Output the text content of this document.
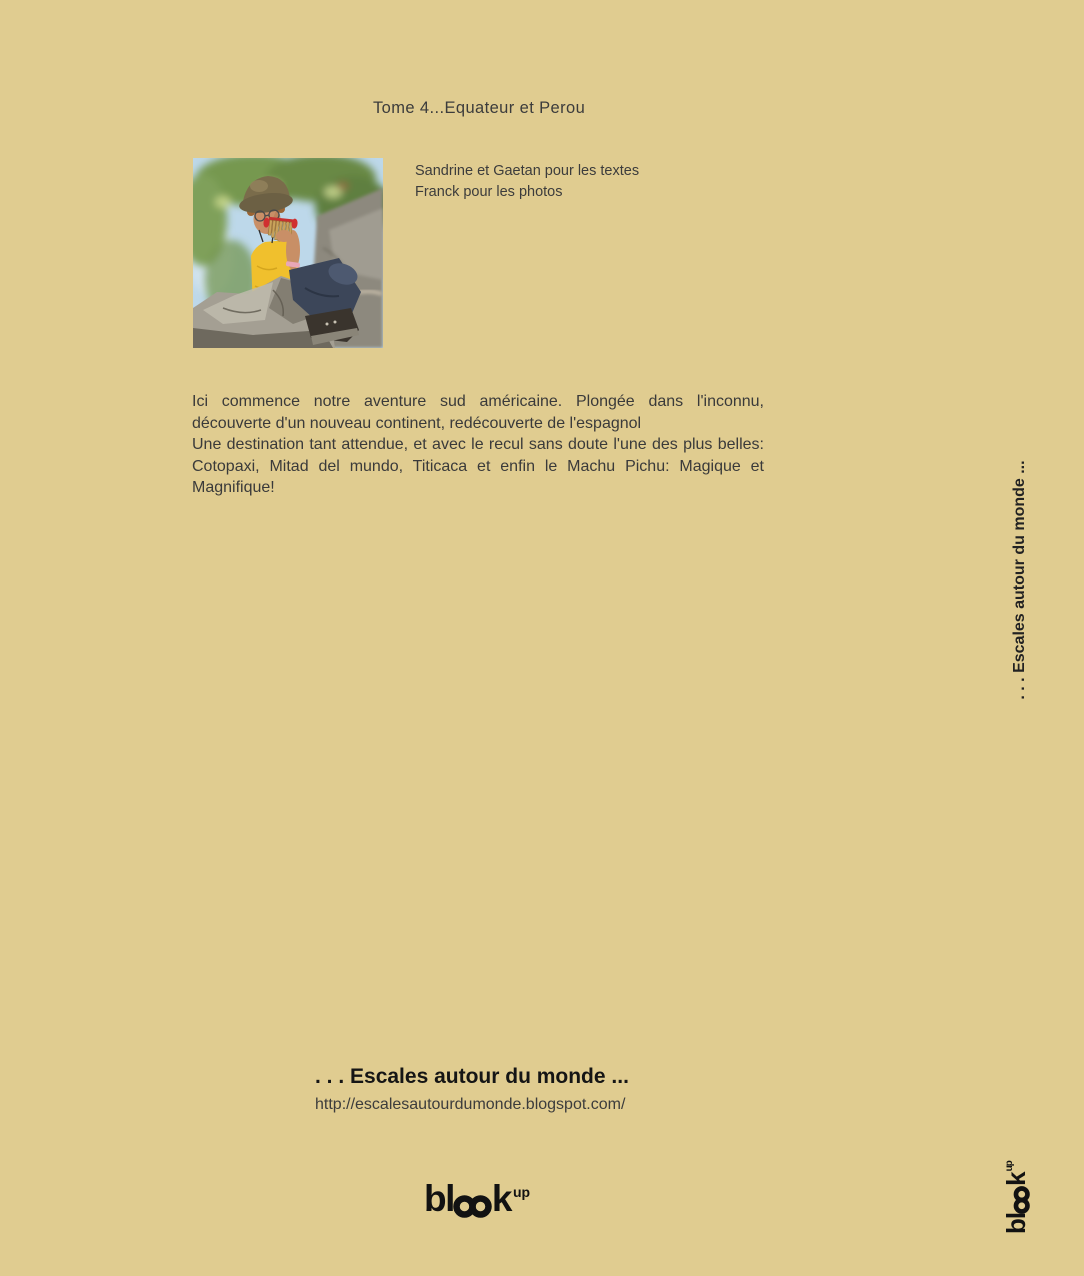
Tome 4...Equateur et Perou
Sandrine et Gaetan pour les textes
Franck pour les photos

Ici commence notre aventure sud américaine. Plongée dans l'inconnu, découverte d'un nouveau continent, redécouverte de l'espagnol

Une destination tant attendue, et avec le recul sans doute l'une des plus belles: Cotopaxi, Mitad del mundo, Titicaca et enfin le Machu Pichu: Magique et Magnifique!	. . . Escales autour du monde ...
. . . Escales autour du monde ...
http://escalesautourdumonde.blogspot.com/
bl k up
bl
k
up
